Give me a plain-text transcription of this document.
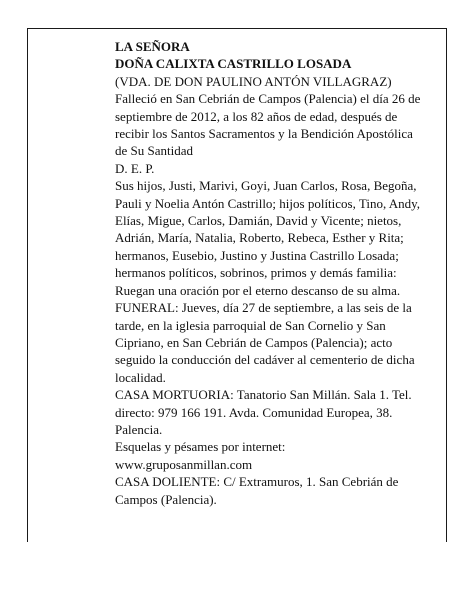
LA SEÑORA

DOÑA CALIXTA CASTRILLO LOSADA

(VDA. DE DON PAULINO ANTÓN VILLAGRAZ)

Falleció en San Cebrián de Campos (Palencia) el día 26 de septiembre de 2012, a los 82 años de edad, después de recibir los Santos Sacramentos y la Bendición Apostólica de Su Santidad

D. E. P.

Sus hijos, Justi, Marivi, Goyi, Juan Carlos, Rosa, Begoña, Pauli y Noelia Antón Castrillo; hijos políticos, Tino, Andy, Elías, Migue, Carlos, Damián, David y Vicente; nietos, Adrián, María, Natalia, Roberto, Rebeca, Esther y Rita; hermanos, Eusebio, Justino y Justina Castrillo Losada; hermanos políticos, sobrinos, primos y demás familia:

Ruegan una oración por el eterno descanso de su alma.

FUNERAL: Jueves, día 27 de septiembre, a las seis de la tarde, en la iglesia parroquial de San Cornelio y San Cipriano, en San Cebrián de Campos (Palencia); acto seguido la conducción del cadáver al cementerio de dicha localidad.

CASA MORTUORIA: Tanatorio San Millán. Sala 1. Tel. directo: 979 166 191. Avda. Comunidad Europea, 38. Palencia.

Esquelas y pésames por internet:

www.gruposanmillan.com

CASA DOLIENTE: C/ Extramuros, 1. San Cebrián de Campos (Palencia).
